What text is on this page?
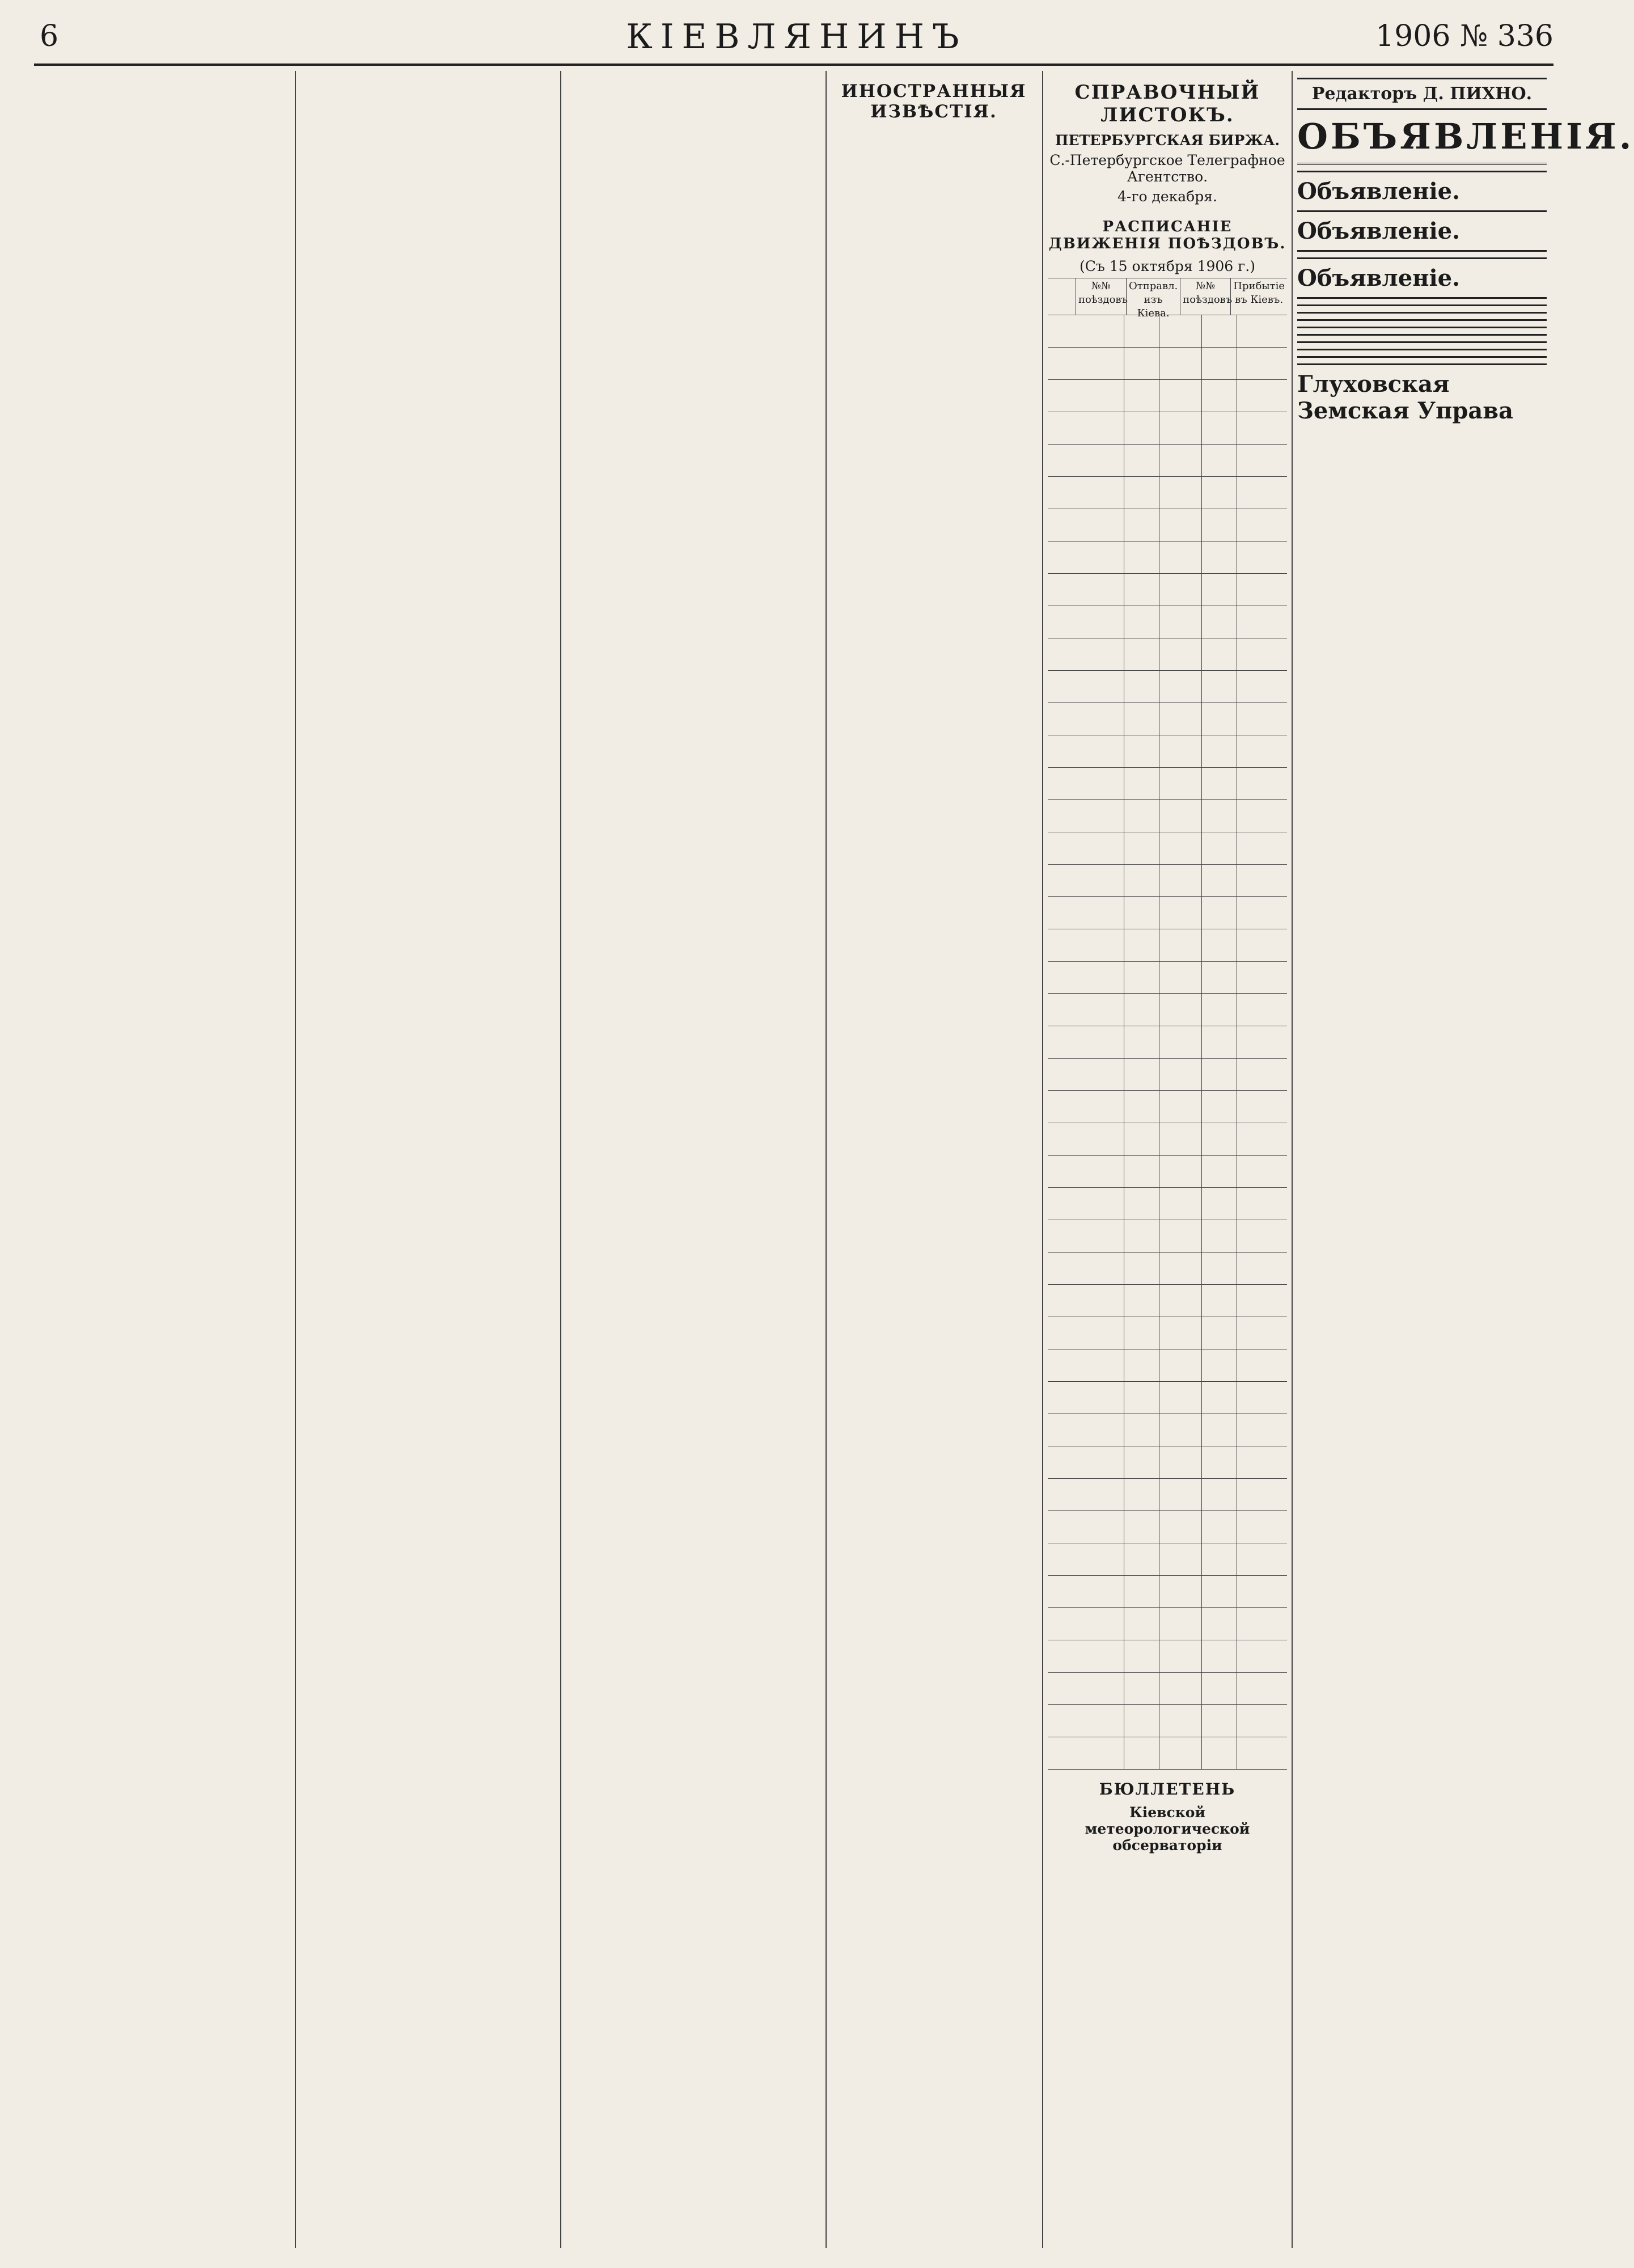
6	КІЕВЛЯНИНЪ	1906 № 336

ИНОСТРАННЫЯ ИЗВѢСТІЯ.

СПРАВОЧНЫЙ ЛИСТОКЪ.
ПЕТЕРБУРГСКАЯ БИРЖА.
С.-Петербургское Телеграфное Агентство.
4-го декабря.

РАСПИСАНІЕ ДВИЖЕНІЯ ПОѢЗДОВЪ.
(Съ 15 октября 1906 г.)
№№ поѣздовъ
Отправл. изъ Кіева.
№№ поѣздовъ
Прибытіе въ Кіевъ.
БЮЛЛЕТЕНЬ
Кіевской метеорологической обсерваторіи

Редакторъ Д. ПИХНО.
ОБЪЯВЛЕНІЯ.

Объявленіе.

Объявленіе.

Объявленіе.

Глуховская Земская Управа
